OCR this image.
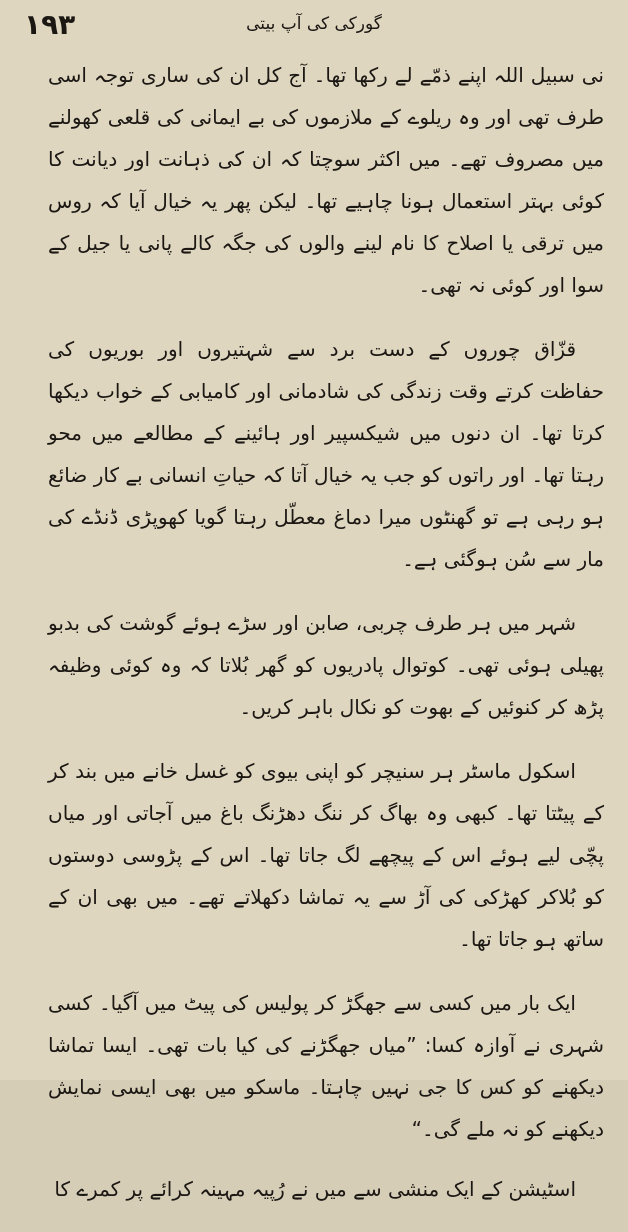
۱۹۳	گورکی کی آپ بیتی

نی سبیل اللہ اپنے ذمّے لے رکھا تھا۔ آج کل ان کی ساری توجہ اسی طرف تھی اور وہ ریلوے کے ملازموں کی بے ایمانی کی قلعی کھولنے میں مصروف تھے۔ میں اکثر سوچتا کہ ان کی ذہانت اور دیانت کا کوئی بہتر استعمال ہونا چاہیے تھا۔ لیکن پھر یہ خیال آیا کہ روس میں ترقی یا اصلاح کا نام لینے والوں کی جگہ کالے پانی یا جیل کے سوا اور کوئی نہ تھی۔

قزّاق چوروں کے دست برد سے شہتیروں اور بوریوں کی حفاظت کرتے وقت زندگی کی شادمانی اور کامیابی کے خواب دیکھا کرتا تھا۔ ان دنوں میں شیکسپیر اور ہائینے کے مطالعے میں محو رہتا تھا۔ اور راتوں کو جب یہ خیال آتا کہ حیاتِ انسانی بے کار ضائع ہو رہی ہے تو گھنٹوں میرا دماغ معطّل رہتا گویا کھوپڑی ڈنڈے کی مار سے سُن ہوگئی ہے۔

شہر میں ہر طرف چربی، صابن اور سڑے ہوئے گوشت کی بدبو پھیلی ہوئی تھی۔ کوتوال پادریوں کو گھر بُلاتا کہ وہ کوئی وظیفہ پڑھ کر کنوئیں کے بھوت کو نکال باہر کریں۔

اسکول ماسٹر ہر سنیچر کو اپنی بیوی کو غسل خانے میں بند کر کے پیٹتا تھا۔ کبھی وہ بھاگ کر ننگ دھڑنگ باغ میں آجاتی اور میاں پچّی لیے ہوئے اس کے پیچھے لگ جاتا تھا۔ اس کے پڑوسی دوستوں کو بُلاکر کھڑکی کی آڑ سے یہ تماشا دکھلاتے تھے۔ میں بھی ان کے ساتھ ہو جاتا تھا۔

ایک بار میں کسی سے جھگڑ کر پولیس کی پیٹ میں آگیا۔ کسی شہری نے آوازہ کسا: ”میاں جھگڑنے کی کیا بات تھی۔ ایسا تماشا دیکھنے کو کس کا جی نہیں چاہتا۔ ماسکو میں بھی ایسی نمایش دیکھنے کو نہ ملے گی۔“

اسٹیشن کے ایک منشی سے میں نے رُپیہ مہینہ کرائے پر کمرے کا
